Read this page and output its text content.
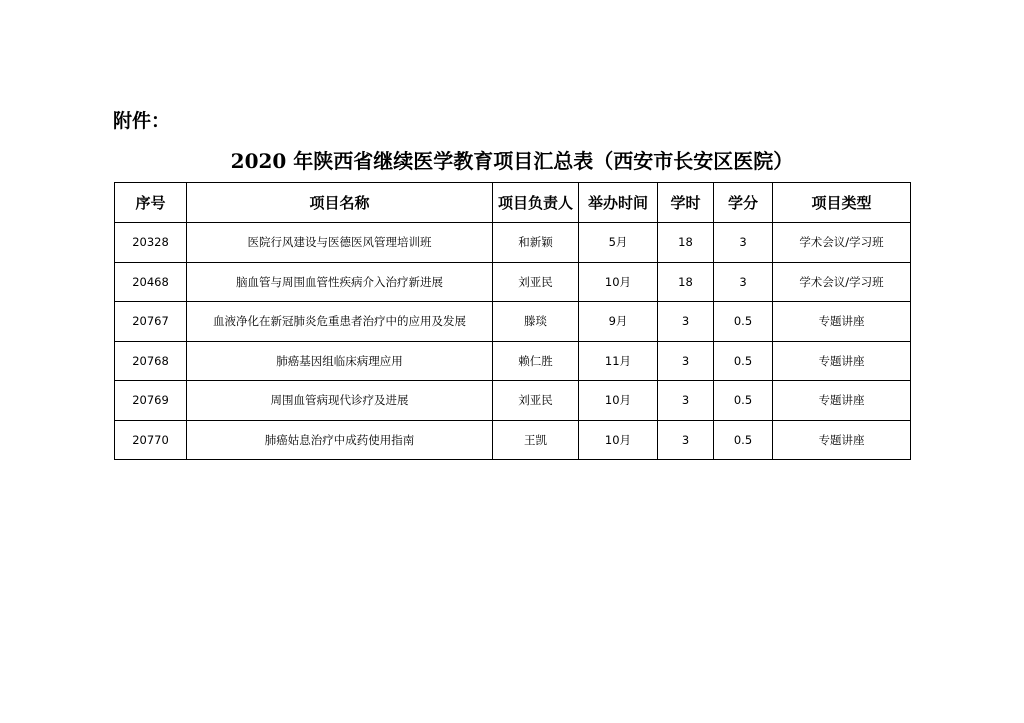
附件：
2020 年陕西省继续医学教育项目汇总表（西安市长安区医院）
序号	项目名称	项目负责人	举办时间	学时	学分	项目类型
20328	医院行风建设与医德医风管理培训班	和新颖	5月	18	3	学术会议/学习班
20468	脑血管与周围血管性疾病介入治疗新进展	刘亚民	10月	18	3	学术会议/学习班
20767	血液净化在新冠肺炎危重患者治疗中的应用及发展	滕琰	9月	3	0.5	专题讲座
20768	肺癌基因组临床病理应用	赖仁胜	11月	3	0.5	专题讲座
20769	周围血管病现代诊疗及进展	刘亚民	10月	3	0.5	专题讲座
20770	肺癌姑息治疗中成药使用指南	王凯	10月	3	0.5	专题讲座
